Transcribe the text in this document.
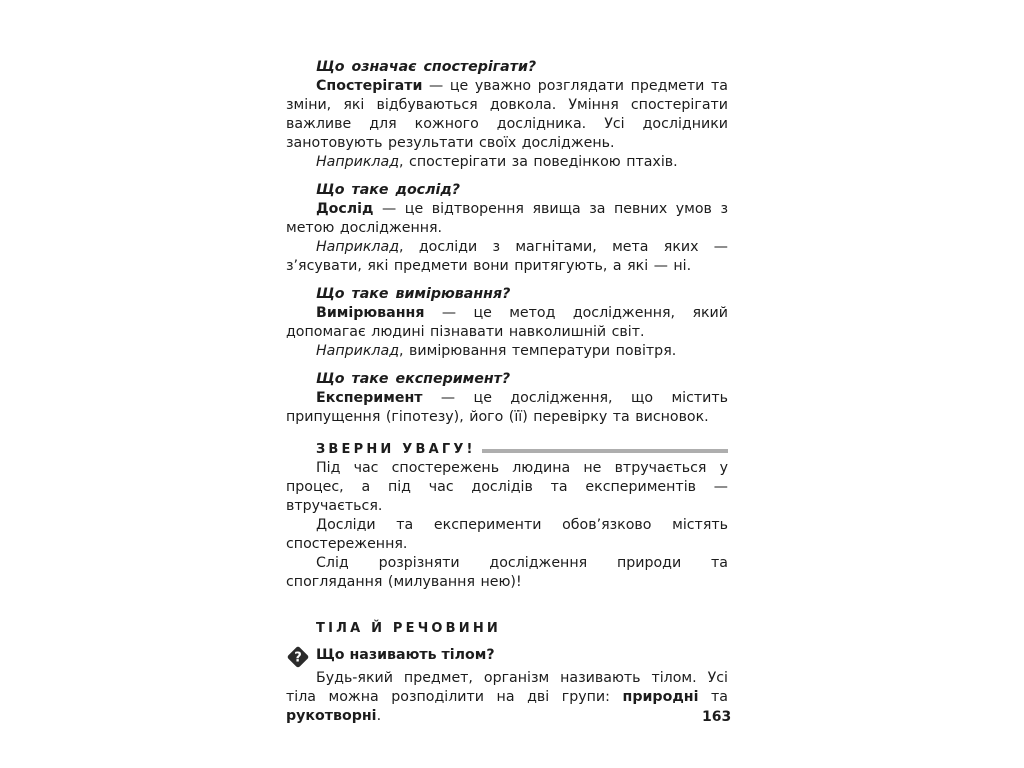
Що означає спостерігати?

Спостерігати — це уважно розглядати предмети та зміни, які відбуваються довкола. Уміння спостерігати важливе для кожного дослідника. Усі дослідники занотовують результати своїх досліджень.

Наприклад, спостерігати за поведінкою птахів.

Що таке дослід?

Дослід — це відтворення явища за певних умов з метою дослідження.

Наприклад, досліди з магнітами, мета яких — з’ясувати, які предмети вони притягують, а які — ні.

Що таке вимірювання?

Вимірювання — це метод дослідження, який допомагає людині пізнавати навколишній світ.

Наприклад, вимірювання температури повітря.

Що таке експеримент?

Експеримент — це дослідження, що містить припущення (гіпотезу), його (її) перевірку та висновок.

ЗВЕРНИ УВАГУ!

Під час спостережень людина не втручається у процес, а під час дослідів та експериментів — втручається.

Досліди та експерименти обов’язково містять спостереження.

Слід розрізняти дослідження природи та споглядання (милування нею)!

ТІЛА Й РЕЧОВИНИ

? Що називають тілом?

Будь-який предмет, організм називають тілом. Усі тіла можна розподілити на дві групи: природні та рукотворні.	163
